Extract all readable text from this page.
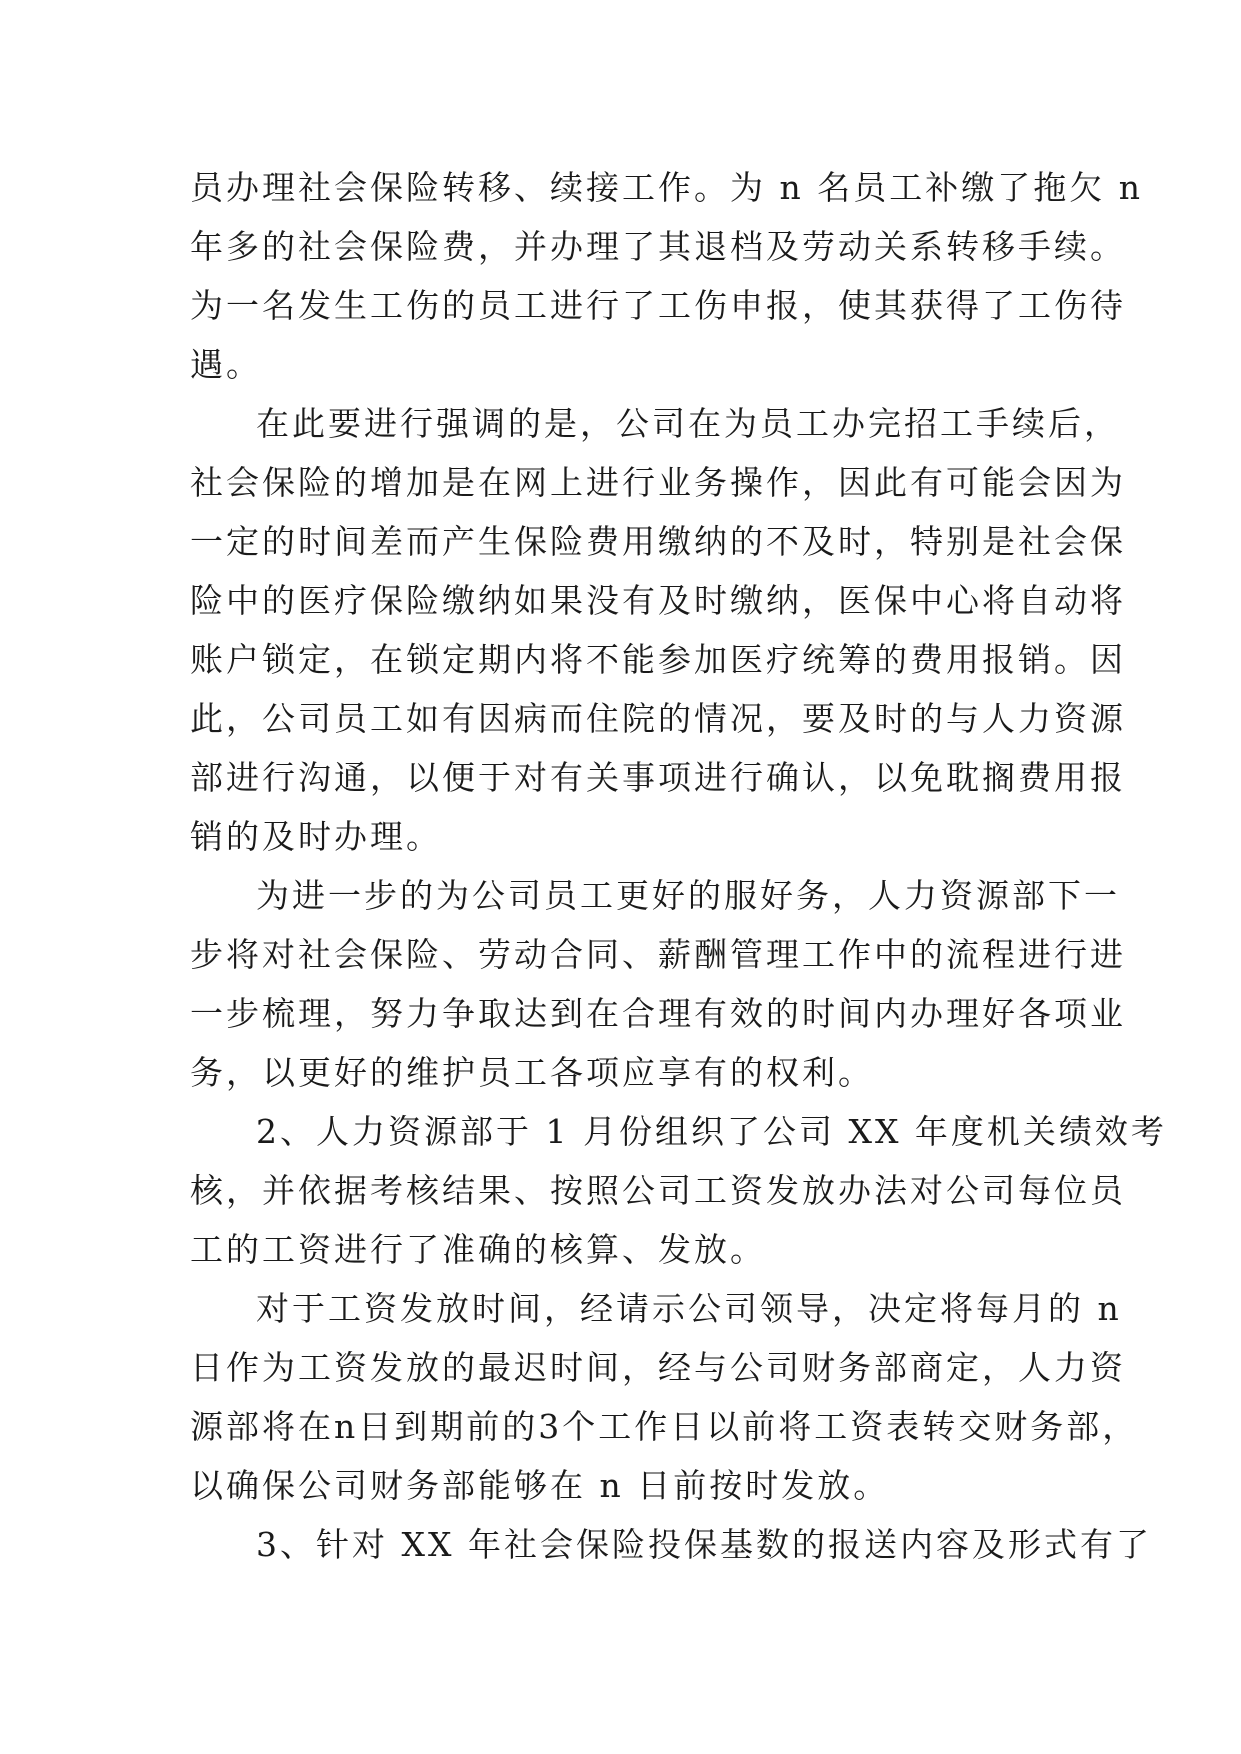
员办理社会保险转移、续接工作。为 n 名员工补缴了拖欠 n
年多的社会保险费，并办理了其退档及劳动关系转移手续。
为一名发生工伤的员工进行了工伤申报，使其获得了工伤待
遇。
在此要进行强调的是，公司在为员工办完招工手续后，
社会保险的增加是在网上进行业务操作，因此有可能会因为
一定的时间差而产生保险费用缴纳的不及时，特别是社会保
险中的医疗保险缴纳如果没有及时缴纳，医保中心将自动将
账户锁定，在锁定期内将不能参加医疗统筹的费用报销。因
此，公司员工如有因病而住院的情况，要及时的与人力资源
部进行沟通，以便于对有关事项进行确认，以免耽搁费用报
销的及时办理。
为进一步的为公司员工更好的服好务，人力资源部下一
步将对社会保险、劳动合同、薪酬管理工作中的流程进行进
一步梳理，努力争取达到在合理有效的时间内办理好各项业
务，以更好的维护员工各项应享有的权利。
2、人力资源部于 1 月份组织了公司 XX 年度机关绩效考
核，并依据考核结果、按照公司工资发放办法对公司每位员
工的工资进行了准确的核算、发放。
对于工资发放时间，经请示公司领导，决定将每月的 n
日作为工资发放的最迟时间，经与公司财务部商定，人力资
源部将在n日到期前的3个工作日以前将工资表转交财务部，
以确保公司财务部能够在 n 日前按时发放。
3、针对 XX 年社会保险投保基数的报送内容及形式有了
